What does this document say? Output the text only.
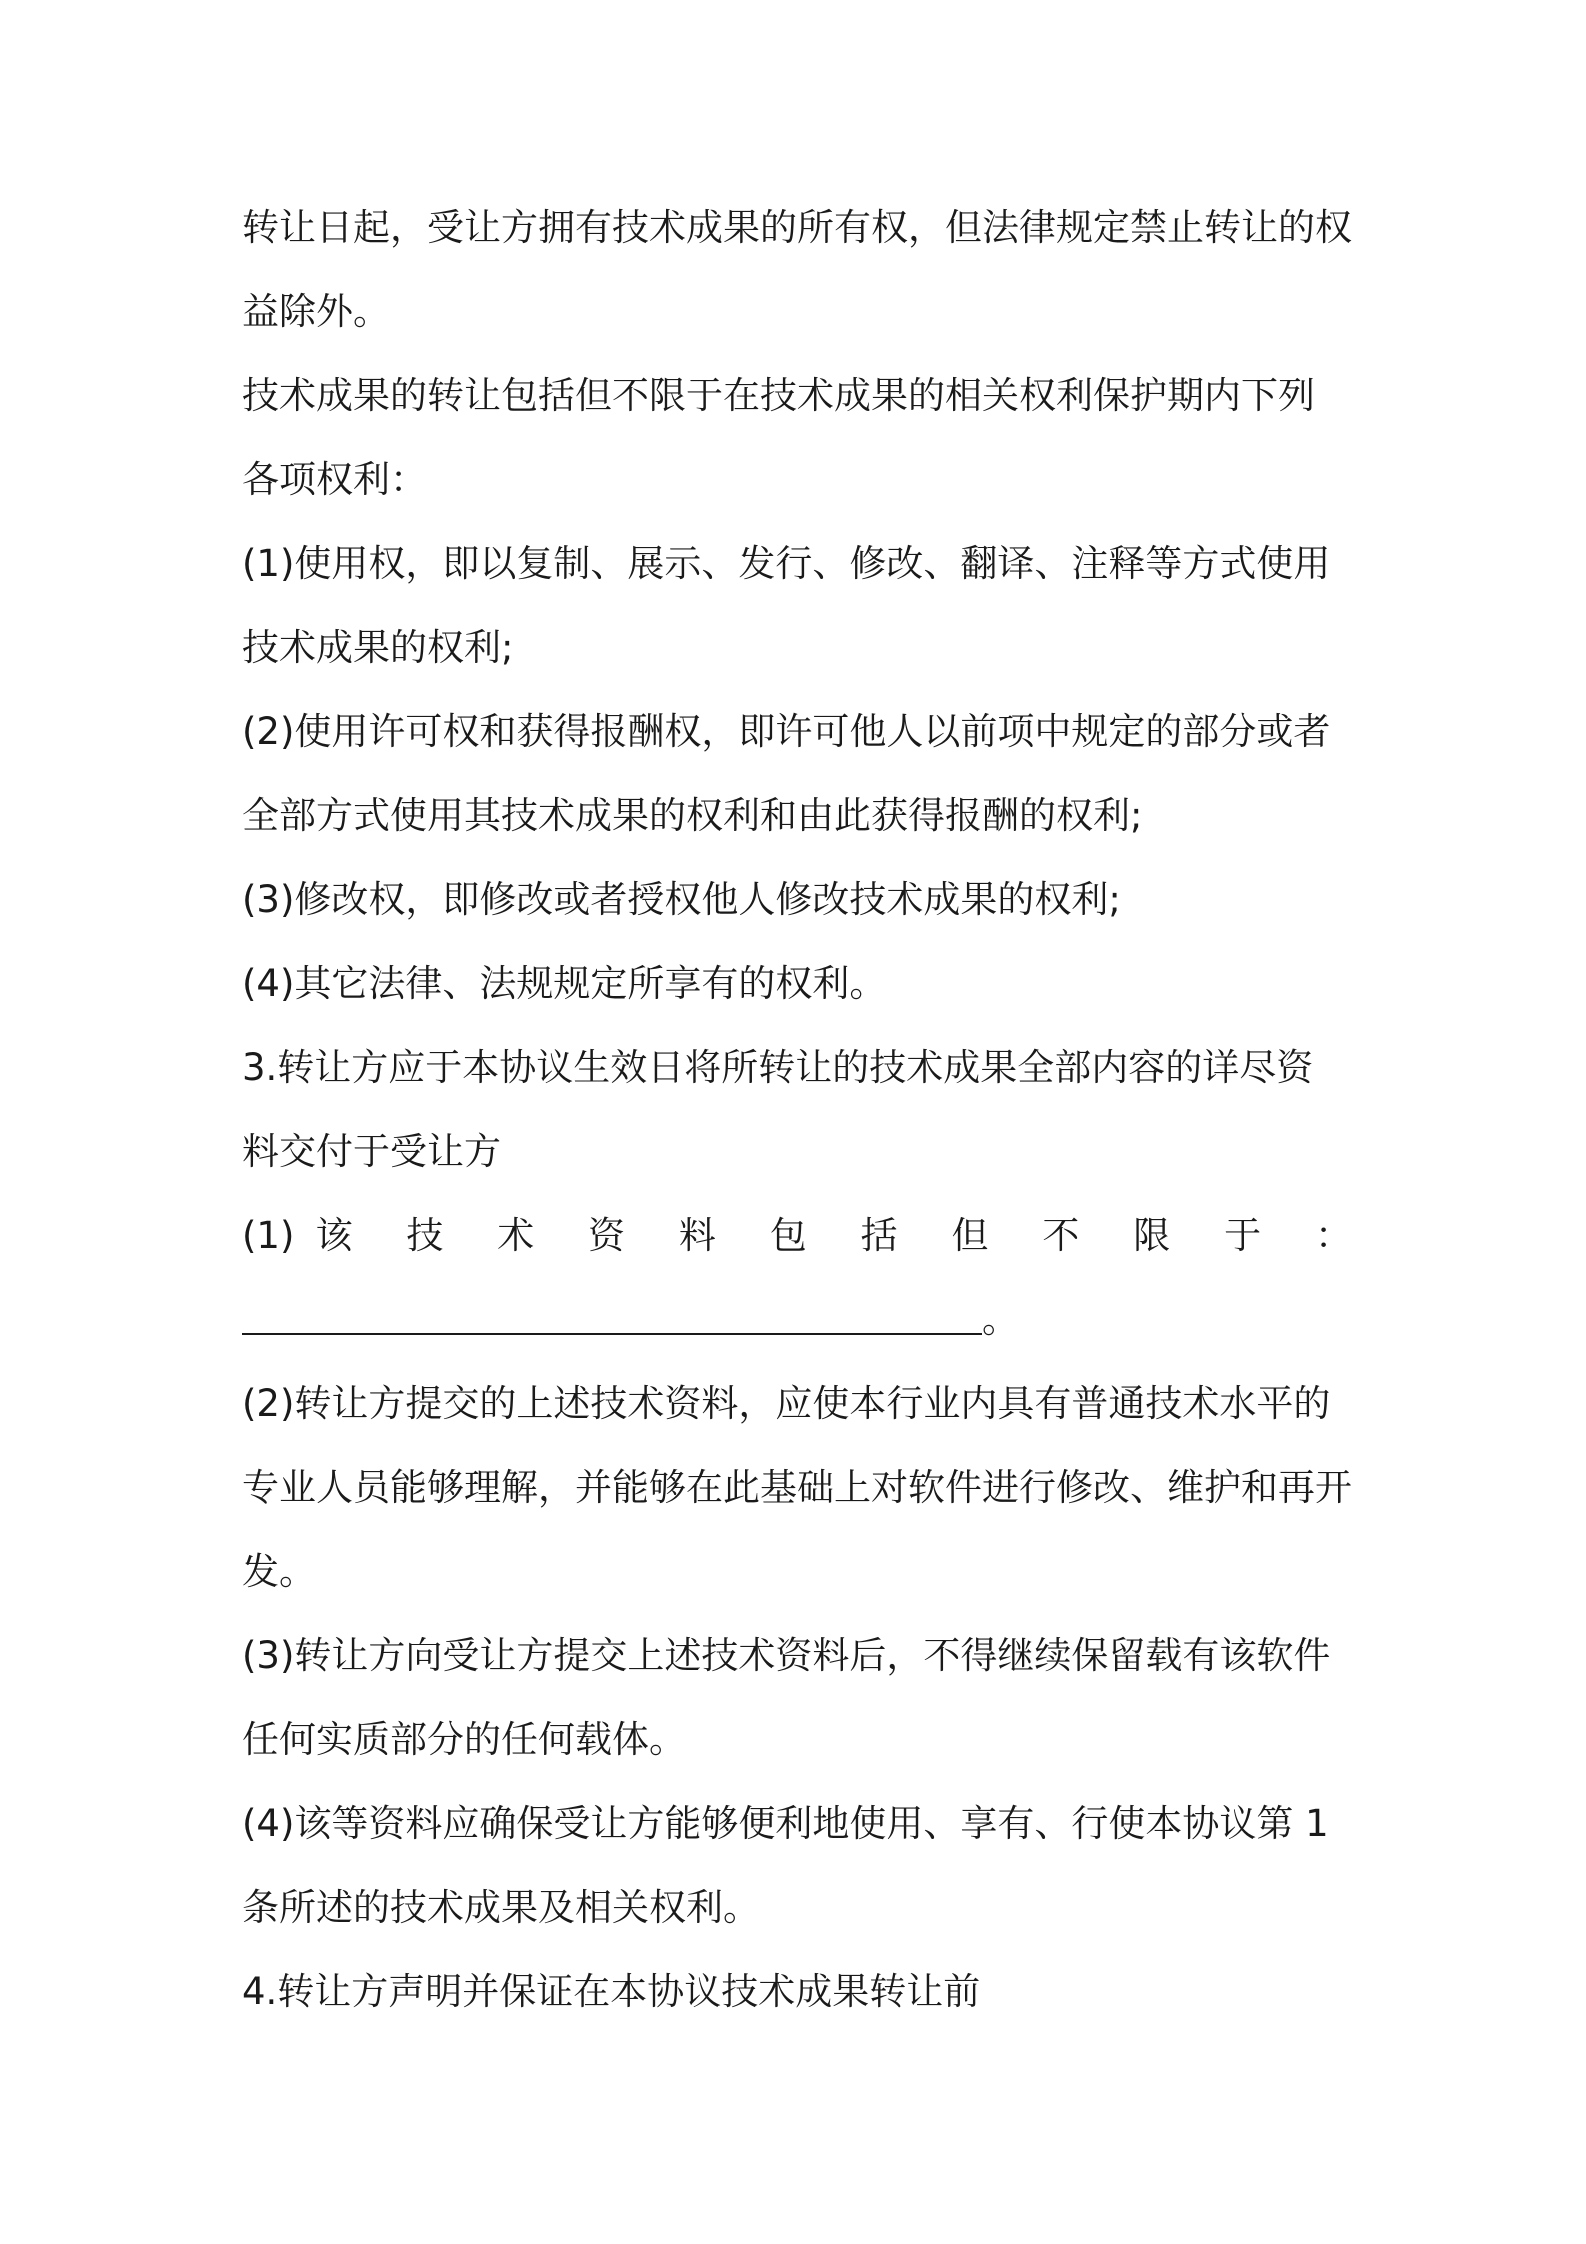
转让日起，受让方拥有技术成果的所有权，但法律规定禁止转让的权
益除外。
技术成果的转让包括但不限于在技术成果的相关权利保护期内下列
各项权利：
(1)使用权，即以复制、展示、发行、修改、翻译、注释等方式使用
技术成果的权利;
(2)使用许可权和获得报酬权，即许可他人以前项中规定的部分或者
全部方式使用其技术成果的权利和由此获得报酬的权利;
(3)修改权，即修改或者授权他人修改技术成果的权利;
(4)其它法律、法规规定所享有的权利。
3.转让方应于本协议生效日将所转让的技术成果全部内容的详尽资
料交付于受让方
(1)该 技 术 资 料 包 括 但 不 限 于 ：
。
(2)转让方提交的上述技术资料，应使本行业内具有普通技术水平的
专业人员能够理解，并能够在此基础上对软件进行修改、维护和再开
发。
(3)转让方向受让方提交上述技术资料后，不得继续保留载有该软件
任何实质部分的任何载体。
(4)该等资料应确保受让方能够便利地使用、享有、行使本协议第 1
条所述的技术成果及相关权利。
4.转让方声明并保证在本协议技术成果转让前
